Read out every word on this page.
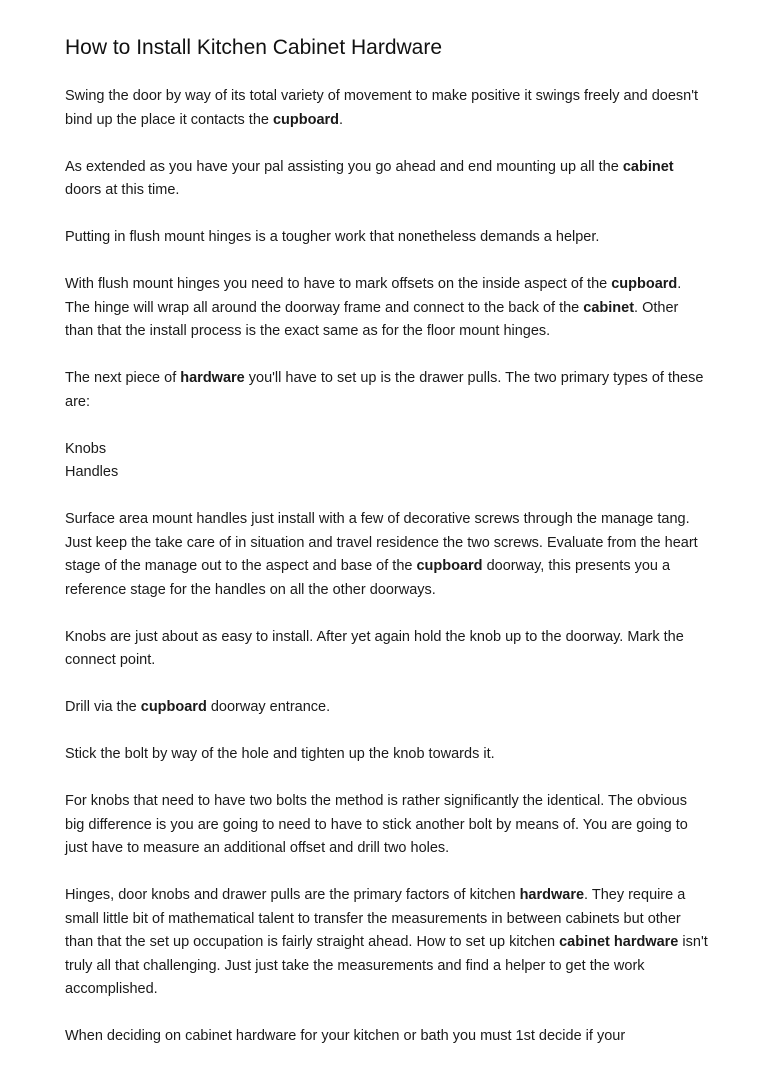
How to Install Kitchen Cabinet Hardware

Swing the door by way of its total variety of movement to make positive it swings freely and doesn't bind up the place it contacts the cupboard.

As extended as you have your pal assisting you go ahead and end mounting up all the cabinet doors at this time.

Putting in flush mount hinges is a tougher work that nonetheless demands a helper.

With flush mount hinges you need to have to mark offsets on the inside aspect of the cupboard. The hinge will wrap all around the doorway frame and connect to the back of the cabinet. Other than that the install process is the exact same as for the floor mount hinges.

The next piece of hardware you'll have to set up is the drawer pulls. The two primary types of these are:

Knobs
Handles

Surface area mount handles just install with a few of decorative screws through the manage tang. Just keep the take care of in situation and travel residence the two screws. Evaluate from the heart stage of the manage out to the aspect and base of the cupboard doorway, this presents you a reference stage for the handles on all the other doorways.

Knobs are just about as easy to install. After yet again hold the knob up to the doorway. Mark the connect point.

Drill via the cupboard doorway entrance.

Stick the bolt by way of the hole and tighten up the knob towards it.

For knobs that need to have two bolts the method is rather significantly the identical. The obvious big difference is you are going to need to have to stick another bolt by means of. You are going to just have to measure an additional offset and drill two holes.

Hinges, door knobs and drawer pulls are the primary factors of kitchen hardware. They require a small little bit of mathematical talent to transfer the measurements in between cabinets but other than that the set up occupation is fairly straight ahead. How to set up kitchen cabinet hardware isn't truly all that challenging. Just just take the measurements and find a helper to get the work accomplished.

When deciding on cabinet hardware for your kitchen or bath you must 1st decide if your
